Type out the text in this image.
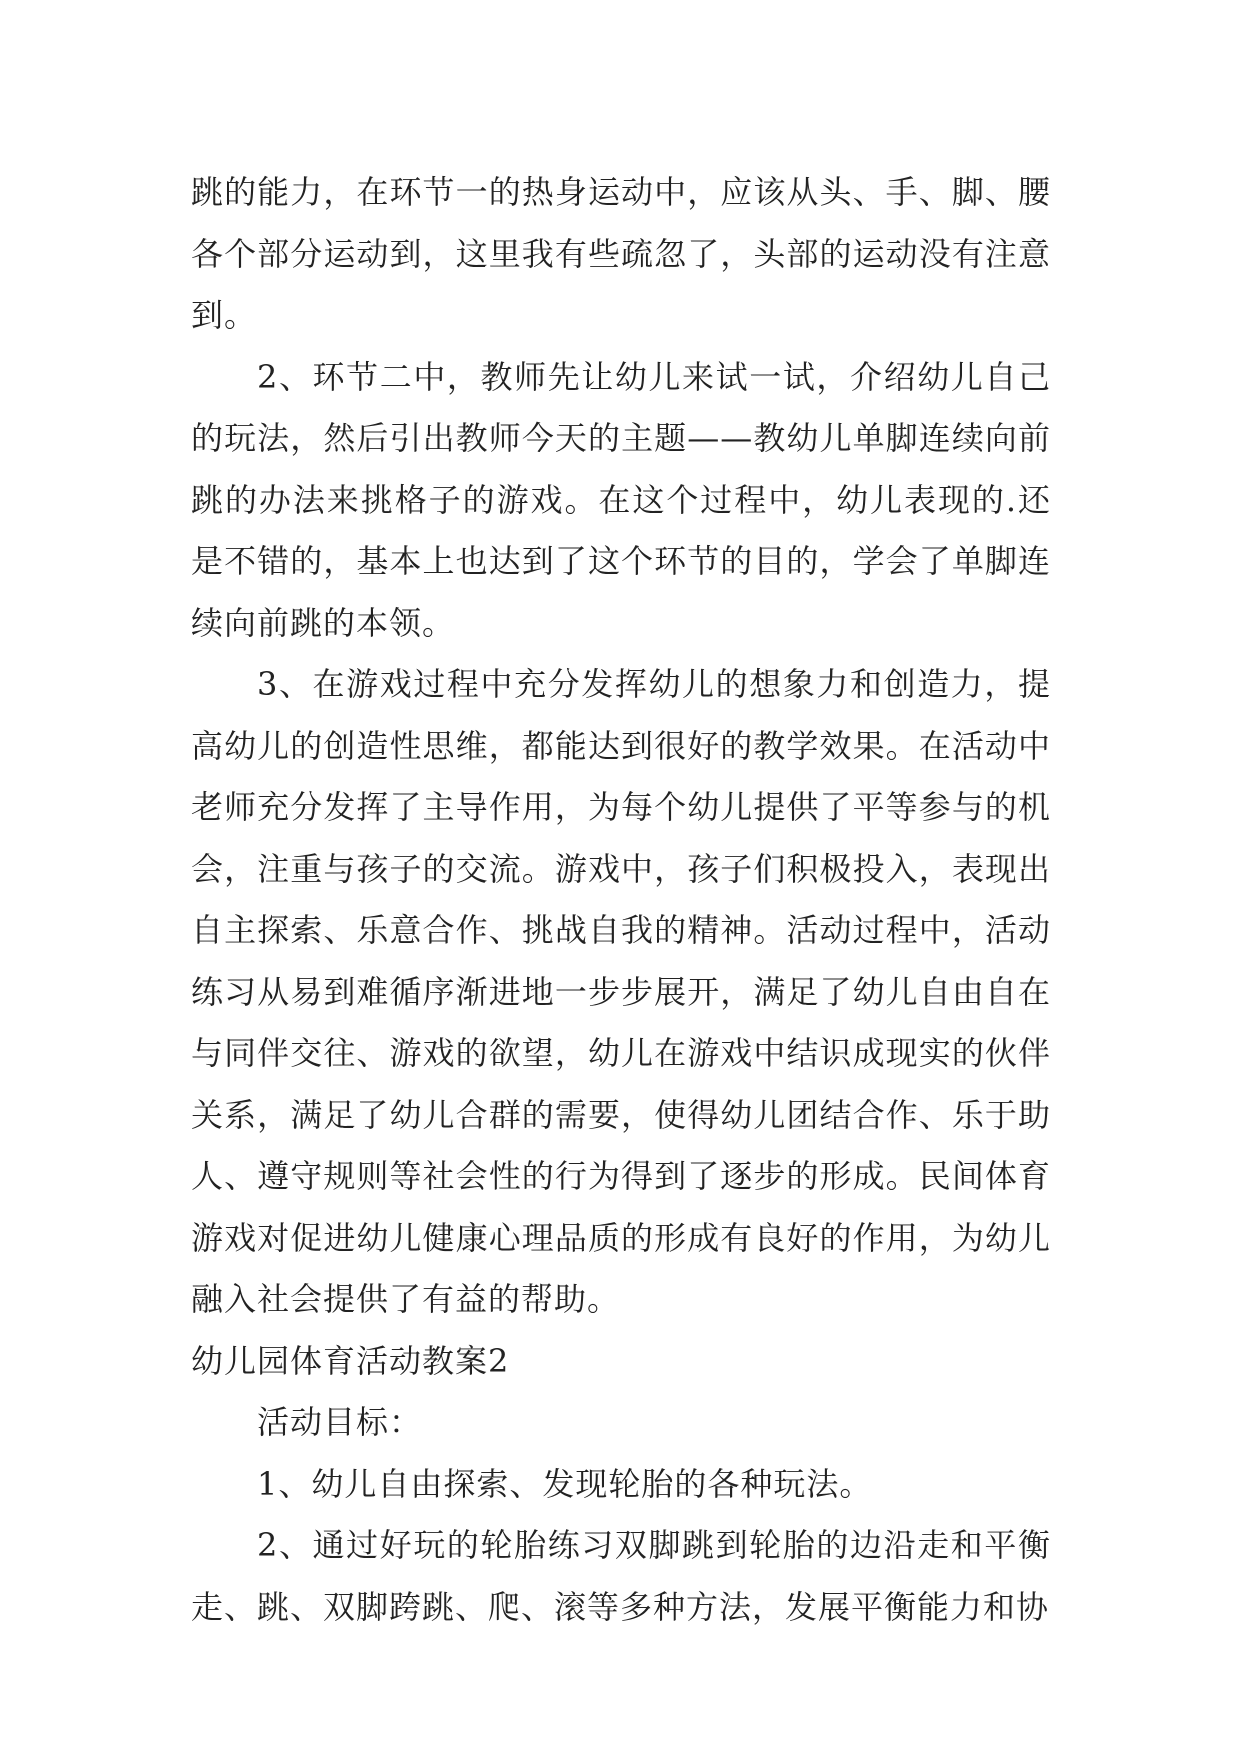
跳的能力，在环节一的热身运动中，应该从头、手、脚、腰各个部分运动到，这里我有些疏忽了，头部的运动没有注意到。

2、环节二中，教师先让幼儿来试一试，介绍幼儿自己的玩法，然后引出教师今天的主题——教幼儿单脚连续向前跳的办法来挑格子的游戏。在这个过程中，幼儿表现的.还是不错的，基本上也达到了这个环节的目的，学会了单脚连续向前跳的本领。

3、在游戏过程中充分发挥幼儿的想象力和创造力，提高幼儿的创造性思维，都能达到很好的教学效果。在活动中老师充分发挥了主导作用，为每个幼儿提供了平等参与的机会，注重与孩子的交流。游戏中，孩子们积极投入，表现出自主探索、乐意合作、挑战自我的精神。活动过程中，活动练习从易到难循序渐进地一步步展开，满足了幼儿自由自在与同伴交往、游戏的欲望，幼儿在游戏中结识成现实的伙伴关系，满足了幼儿合群的需要，使得幼儿团结合作、乐于助人、遵守规则等社会性的行为得到了逐步的形成。民间体育游戏对促进幼儿健康心理品质的形成有良好的作用，为幼儿融入社会提供了有益的帮助。

幼儿园体育活动教案2

活动目标：

1、幼儿自由探索、发现轮胎的各种玩法。

2、通过好玩的轮胎练习双脚跳到轮胎的边沿走和平衡走、跳、双脚跨跳、爬、滚等多种方法，发展平衡能力和协
